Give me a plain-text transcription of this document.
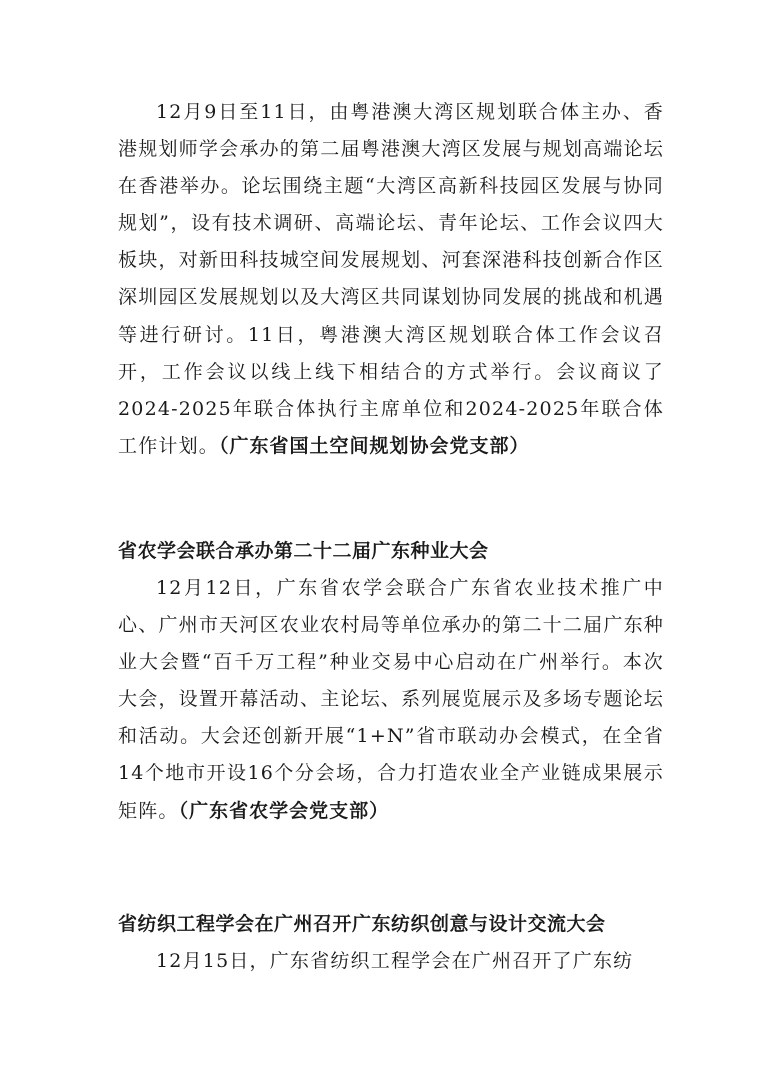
12月9日至11日，由粤港澳大湾区规划联合体主办、香港规划师学会承办的第二届粤港澳大湾区发展与规划高端论坛在香港举办。论坛围绕主题“大湾区高新科技园区发展与协同规划”，设有技术调研、高端论坛、青年论坛、工作会议四大板块，对新田科技城空间发展规划、河套深港科技创新合作区深圳园区发展规划以及大湾区共同谋划协同发展的挑战和机遇等进行研讨。11日，粤港澳大湾区规划联合体工作会议召开，工作会议以线上线下相结合的方式举行。会议商议了2024-2025年联合体执行主席单位和2024-2025年联合体工作计划。（广东省国土空间规划协会党支部）

省农学会联合承办第二十二届广东种业大会

12月12日，广东省农学会联合广东省农业技术推广中心、广州市天河区农业农村局等单位承办的第二十二届广东种业大会暨“百千万工程”种业交易中心启动在广州举行。本次大会，设置开幕活动、主论坛、系列展览展示及多场专题论坛和活动。大会还创新开展“1+N”省市联动办会模式，在全省14个地市开设16个分会场，合力打造农业全产业链成果展示矩阵。（广东省农学会党支部）

省纺织工程学会在广州召开广东纺织创意与设计交流大会

12月15日，广东省纺织工程学会在广州召开了广东纺
